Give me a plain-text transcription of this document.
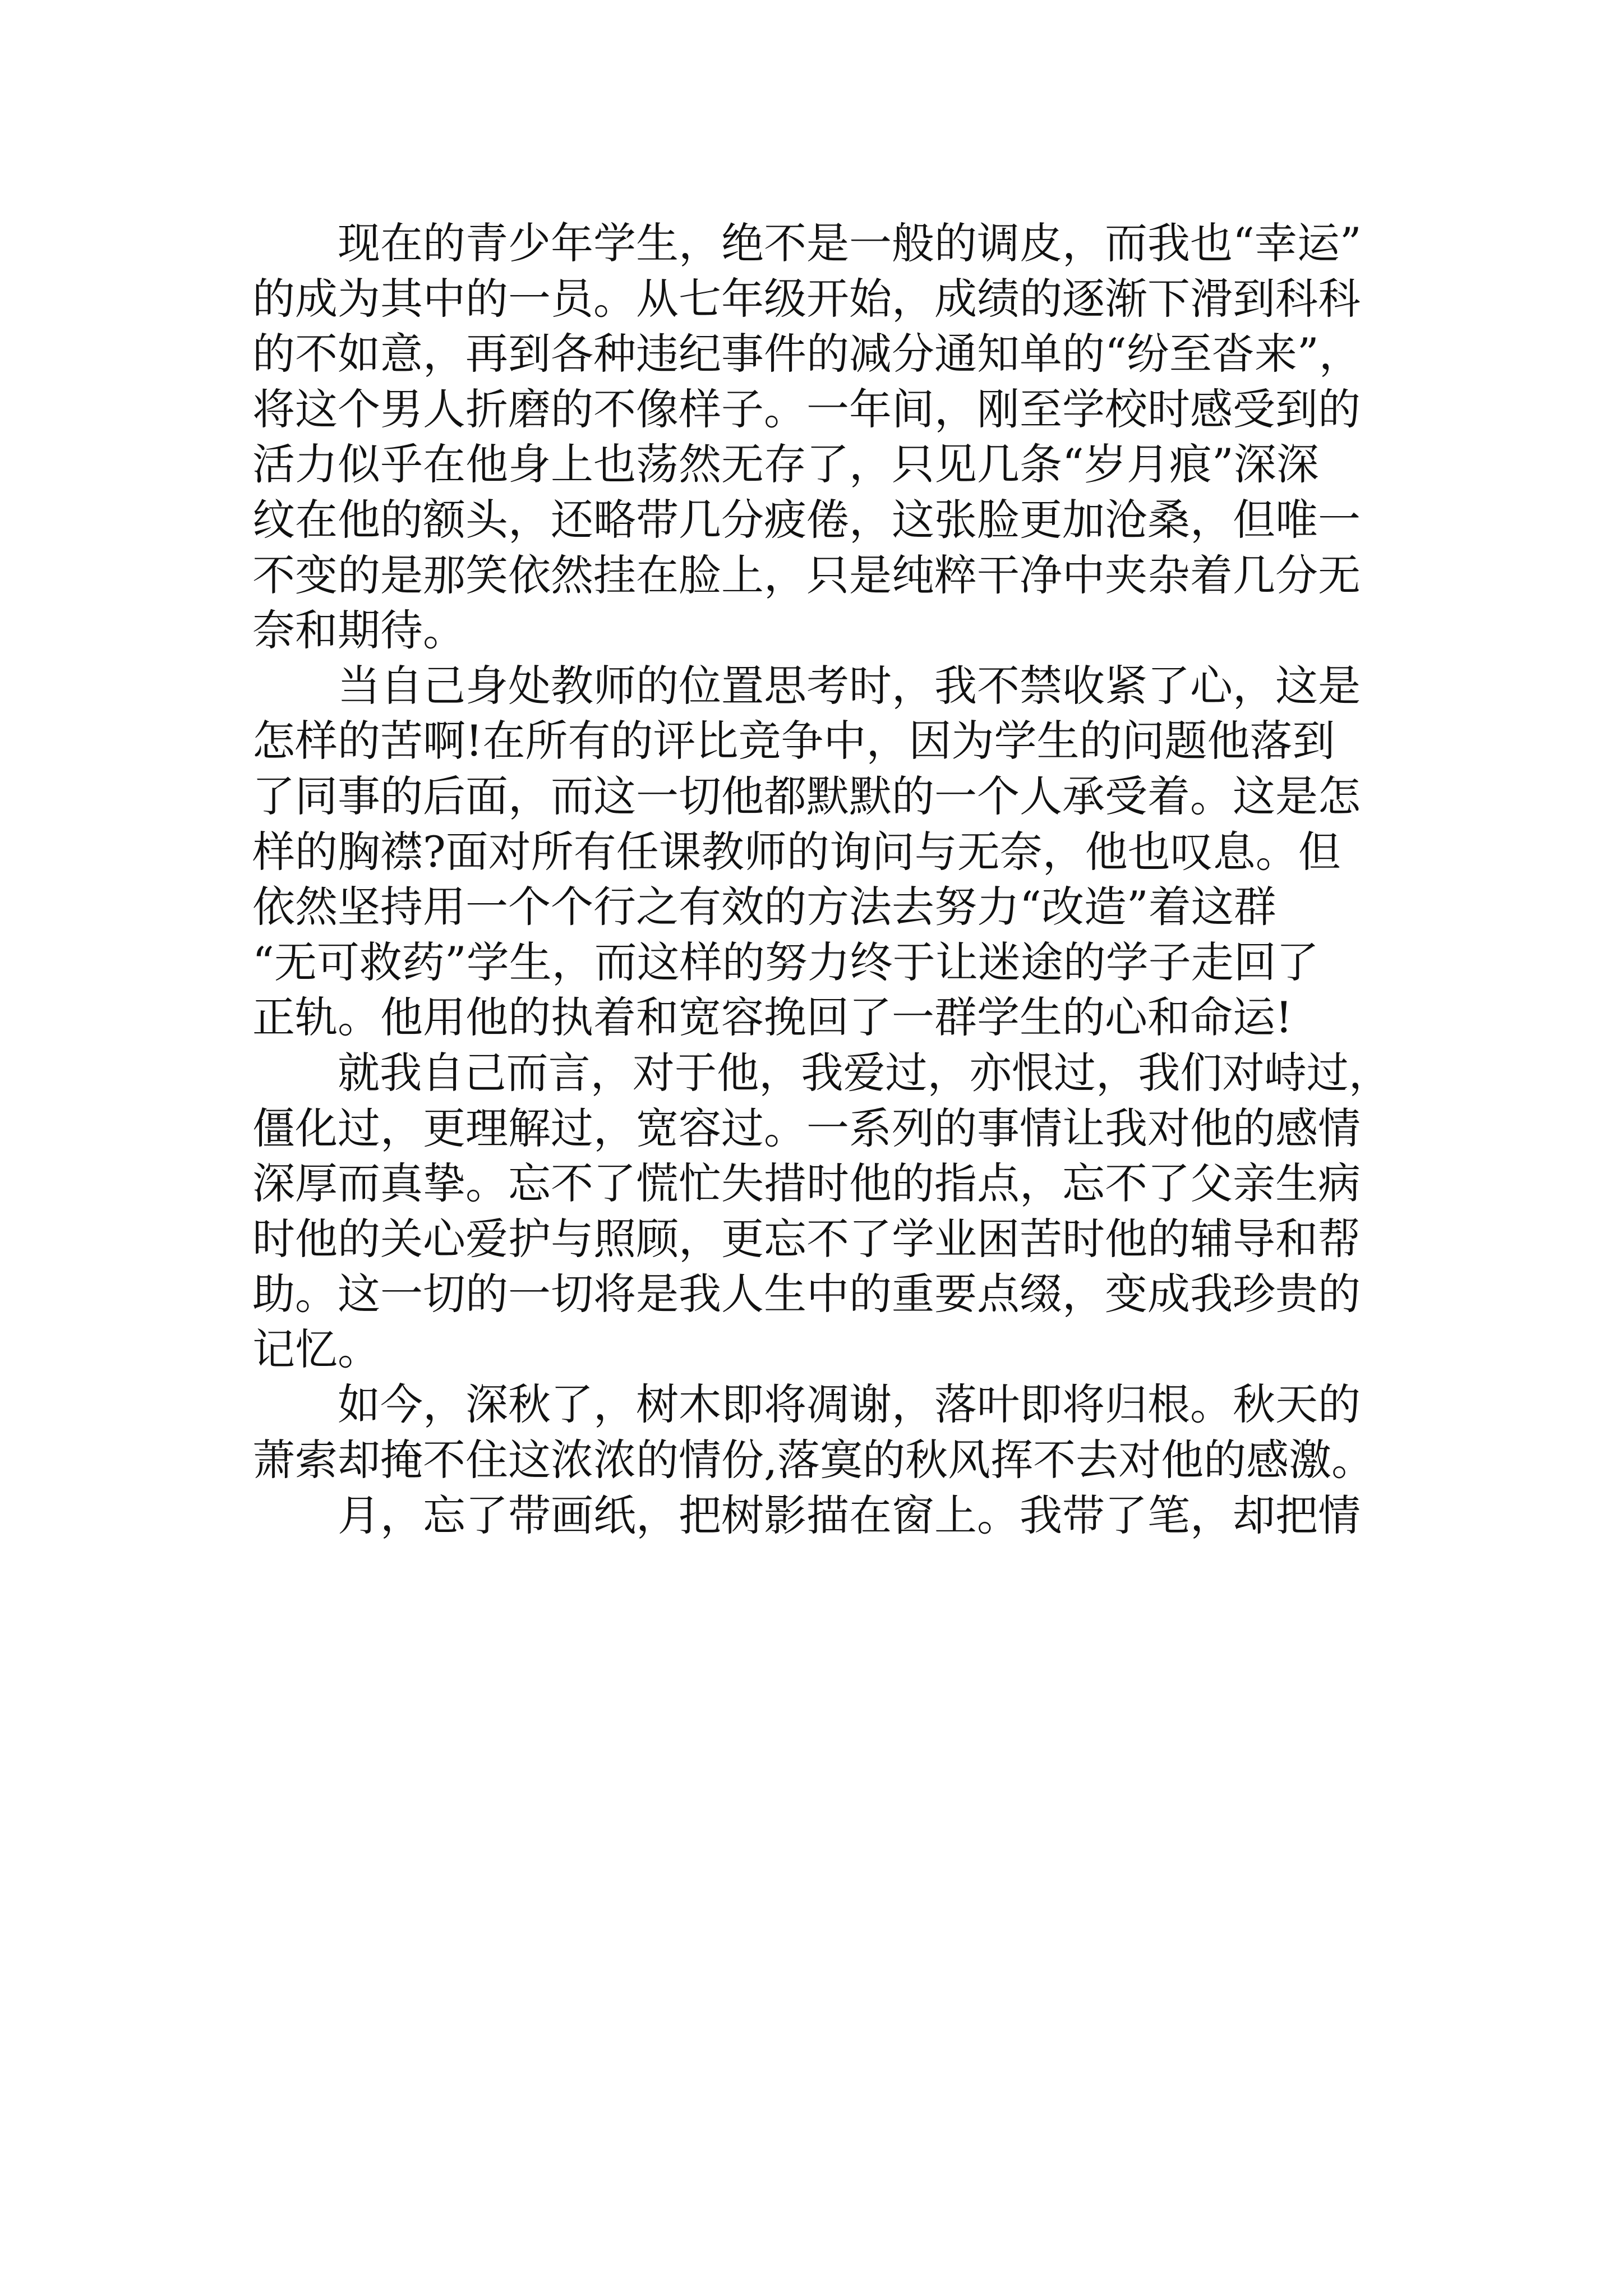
现在的青少年学生，绝不是一般的调皮，而我也“幸运”
的成为其中的一员。从七年级开始，成绩的逐渐下滑到科科
的不如意，再到各种违纪事件的减分通知单的“纷至沓来”，
将这个男人折磨的不像样子。一年间，刚至学校时感受到的
活力似乎在他身上也荡然无存了，只见几条“岁月痕”深深
纹在他的额头，还略带几分疲倦，这张脸更加沧桑，但唯一
不变的是那笑依然挂在脸上，只是纯粹干净中夹杂着几分无
奈和期待。
当自己身处教师的位置思考时，我不禁收紧了心，这是
怎样的苦啊!在所有的评比竞争中，因为学生的问题他落到
了同事的后面，而这一切他都默默的一个人承受着。这是怎
样的胸襟?面对所有任课教师的询问与无奈，他也叹息。但
依然坚持用一个个行之有效的方法去努力“改造”着这群
“无可救药”学生，而这样的努力终于让迷途的学子走回了
正轨。他用他的执着和宽容挽回了一群学生的心和命运!
就我自己而言，对于他，我爱过，亦恨过，我们对峙过，
僵化过，更理解过，宽容过。一系列的事情让我对他的感情
深厚而真挚。忘不了慌忙失措时他的指点，忘不了父亲生病
时他的关心爱护与照顾，更忘不了学业困苦时他的辅导和帮
助。这一切的一切将是我人生中的重要点缀，变成我珍贵的
记忆。
如今，深秋了，树木即将凋谢，落叶即将归根。秋天的
萧索却掩不住这浓浓的情份,落寞的秋风挥不去对他的感激。
月，忘了带画纸，把树影描在窗上。我带了笔，却把情
